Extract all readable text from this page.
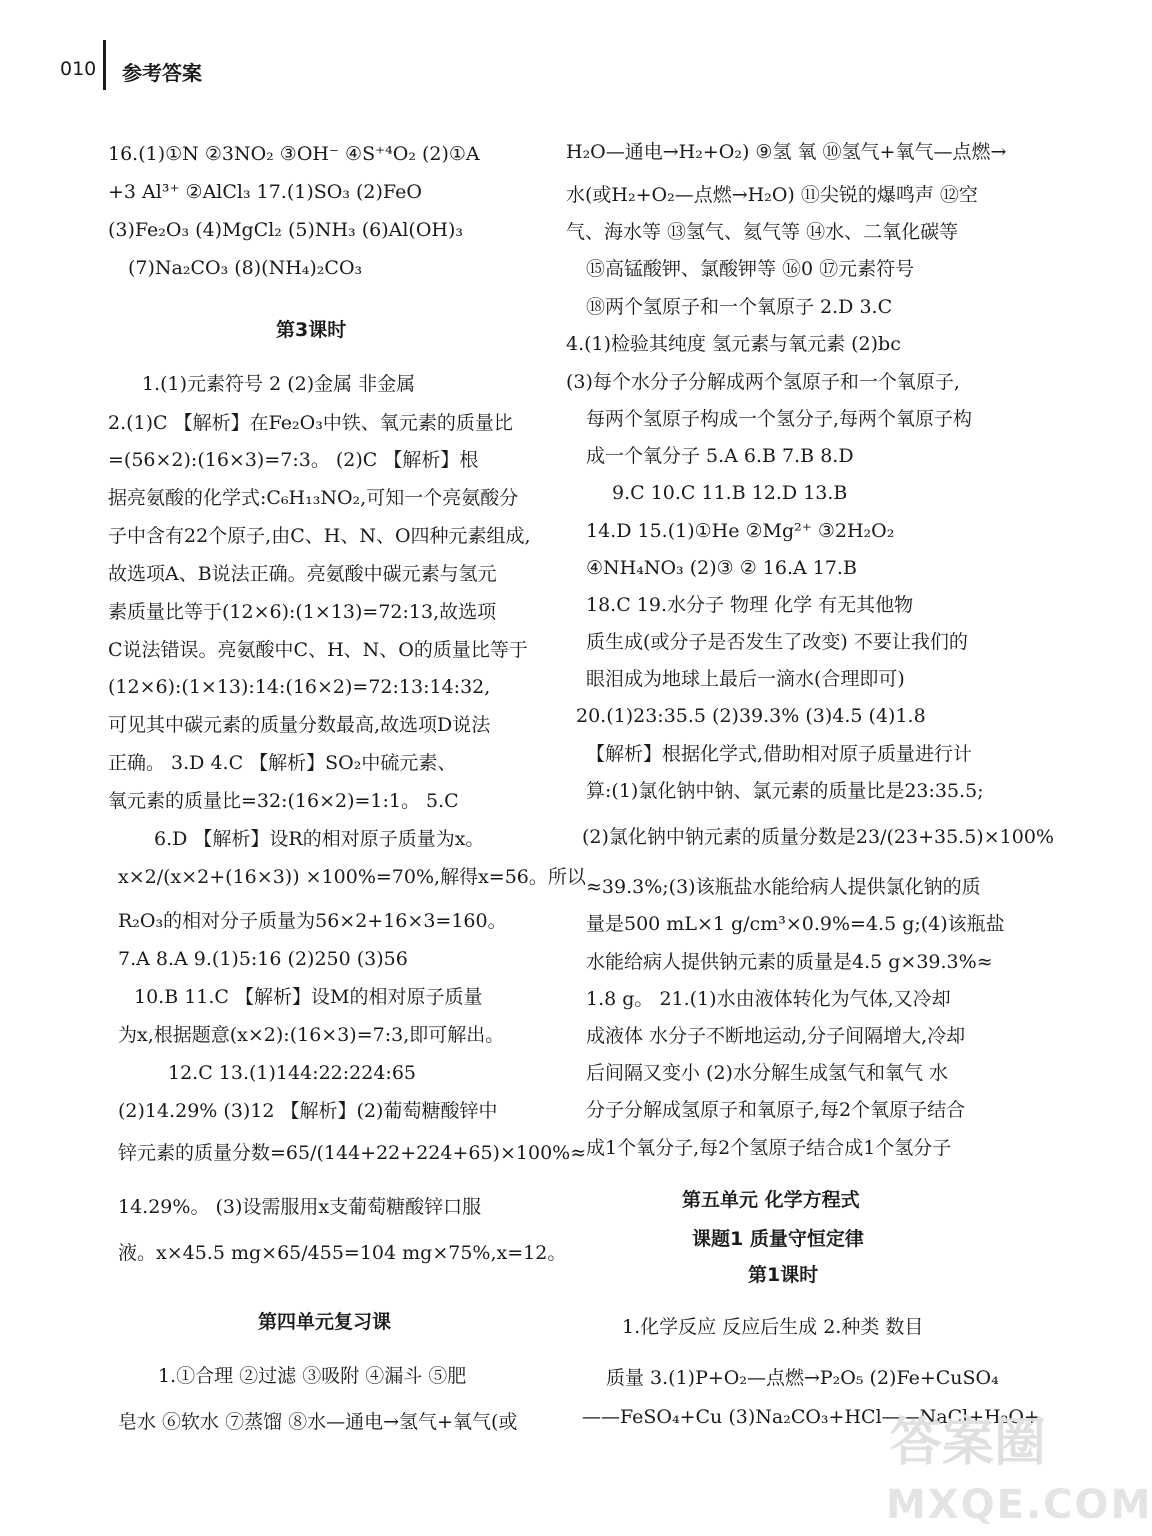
010 参考答案
16.(1)①N ②3NO₂ ③OH⁻ ④S⁺⁴O₂ (2)①A
+3 Al³⁺ ②AlCl₃ 17.(1)SO₃ (2)FeO
(3)Fe₂O₃ (4)MgCl₂ (5)NH₃ (6)Al(OH)₃
(7)Na₂CO₃ (8)(NH₄)₂CO₃
第3课时
1.(1)元素符号 2 (2)金属 非金属
2.(1)C 【解析】在Fe₂O₃中铁、氧元素的质量比
=(56×2):(16×3)=7:3。 (2)C 【解析】根
据亮氨酸的化学式:C₆H₁₃NO₂,可知一个亮氨酸分
子中含有22个原子,由C、H、N、O四种元素组成,
故选项A、B说法正确。亮氨酸中碳元素与氢元
素质量比等于(12×6):(1×13)=72:13,故选项
C说法错误。亮氨酸中C、H、N、O的质量比等于
(12×6):(1×13):14:(16×2)=72:13:14:32,
可见其中碳元素的质量分数最高,故选项D说法
正确。 3.D 4.C 【解析】SO₂中硫元素、
氧元素的质量比=32:(16×2)=1:1。 5.C
6.D 【解析】设R的相对原子质量为x。
x×2/(x×2+(16×3)) ×100%=70%,解得x=56。所以
R₂O₃的相对分子质量为56×2+16×3=160。
7.A 8.A 9.(1)5:16 (2)250 (3)56
10.B 11.C 【解析】设M的相对原子质量
为x,根据题意(x×2):(16×3)=7:3,即可解出。
12.C 13.(1)144:22:224:65
(2)14.29% (3)12 【解析】(2)葡萄糖酸锌中
锌元素的质量分数=65/(144+22+224+65)×100%≈
14.29%。 (3)设需服用x支葡萄糖酸锌口服
液。x×45.5 mg×65/455=104 mg×75%,x=12。
第四单元复习课
1.①合理 ②过滤 ③吸附 ④漏斗 ⑤肥
皂水 ⑥软水 ⑦蒸馏 ⑧水—通电→氢气+氧气(或
H₂O—通电→H₂+O₂) ⑨氢 氧 ⑩氢气+氧气—点燃→
水(或H₂+O₂—点燃→H₂O) ⑪尖锐的爆鸣声 ⑫空
气、海水等 ⑬氢气、氦气等 ⑭水、二氧化碳等
⑮高锰酸钾、氯酸钾等 ⑯0 ⑰元素符号
⑱两个氢原子和一个氧原子 2.D 3.C
4.(1)检验其纯度 氢元素与氧元素 (2)bc
(3)每个水分子分解成两个氢原子和一个氧原子,
每两个氢原子构成一个氢分子,每两个氧原子构
成一个氧分子 5.A 6.B 7.B 8.D
9.C 10.C 11.B 12.D 13.B
14.D 15.(1)①He ②Mg²⁺ ③2H₂O₂
④NH₄NO₃ (2)③ ② 16.A 17.B
18.C 19.水分子 物理 化学 有无其他物
质生成(或分子是否发生了改变) 不要让我们的
眼泪成为地球上最后一滴水(合理即可)
20.(1)23:35.5 (2)39.3% (3)4.5 (4)1.8
【解析】根据化学式,借助相对原子质量进行计
算:(1)氯化钠中钠、氯元素的质量比是23:35.5;
(2)氯化钠中钠元素的质量分数是23/(23+35.5)×100%
≈39.3%;(3)该瓶盐水能给病人提供氯化钠的质
量是500 mL×1 g/cm³×0.9%=4.5 g;(4)该瓶盐
水能给病人提供钠元素的质量是4.5 g×39.3%≈
1.8 g。 21.(1)水由液体转化为气体,又冷却
成液体 水分子不断地运动,分子间隔增大,冷却
后间隔又变小 (2)水分解生成氢气和氧气 水
分子分解成氢原子和氧原子,每2个氧原子结合
成1个氧分子,每2个氢原子结合成1个氢分子
第五单元 化学方程式
课题1 质量守恒定律
第1课时
1.化学反应 反应后生成 2.种类 数目
质量 3.(1)P+O₂—点燃→P₂O₅ (2)Fe+CuSO₄
——FeSO₄+Cu (3)Na₂CO₃+HCl——NaCl+H₂O+
答案圈
MXQE.COM
